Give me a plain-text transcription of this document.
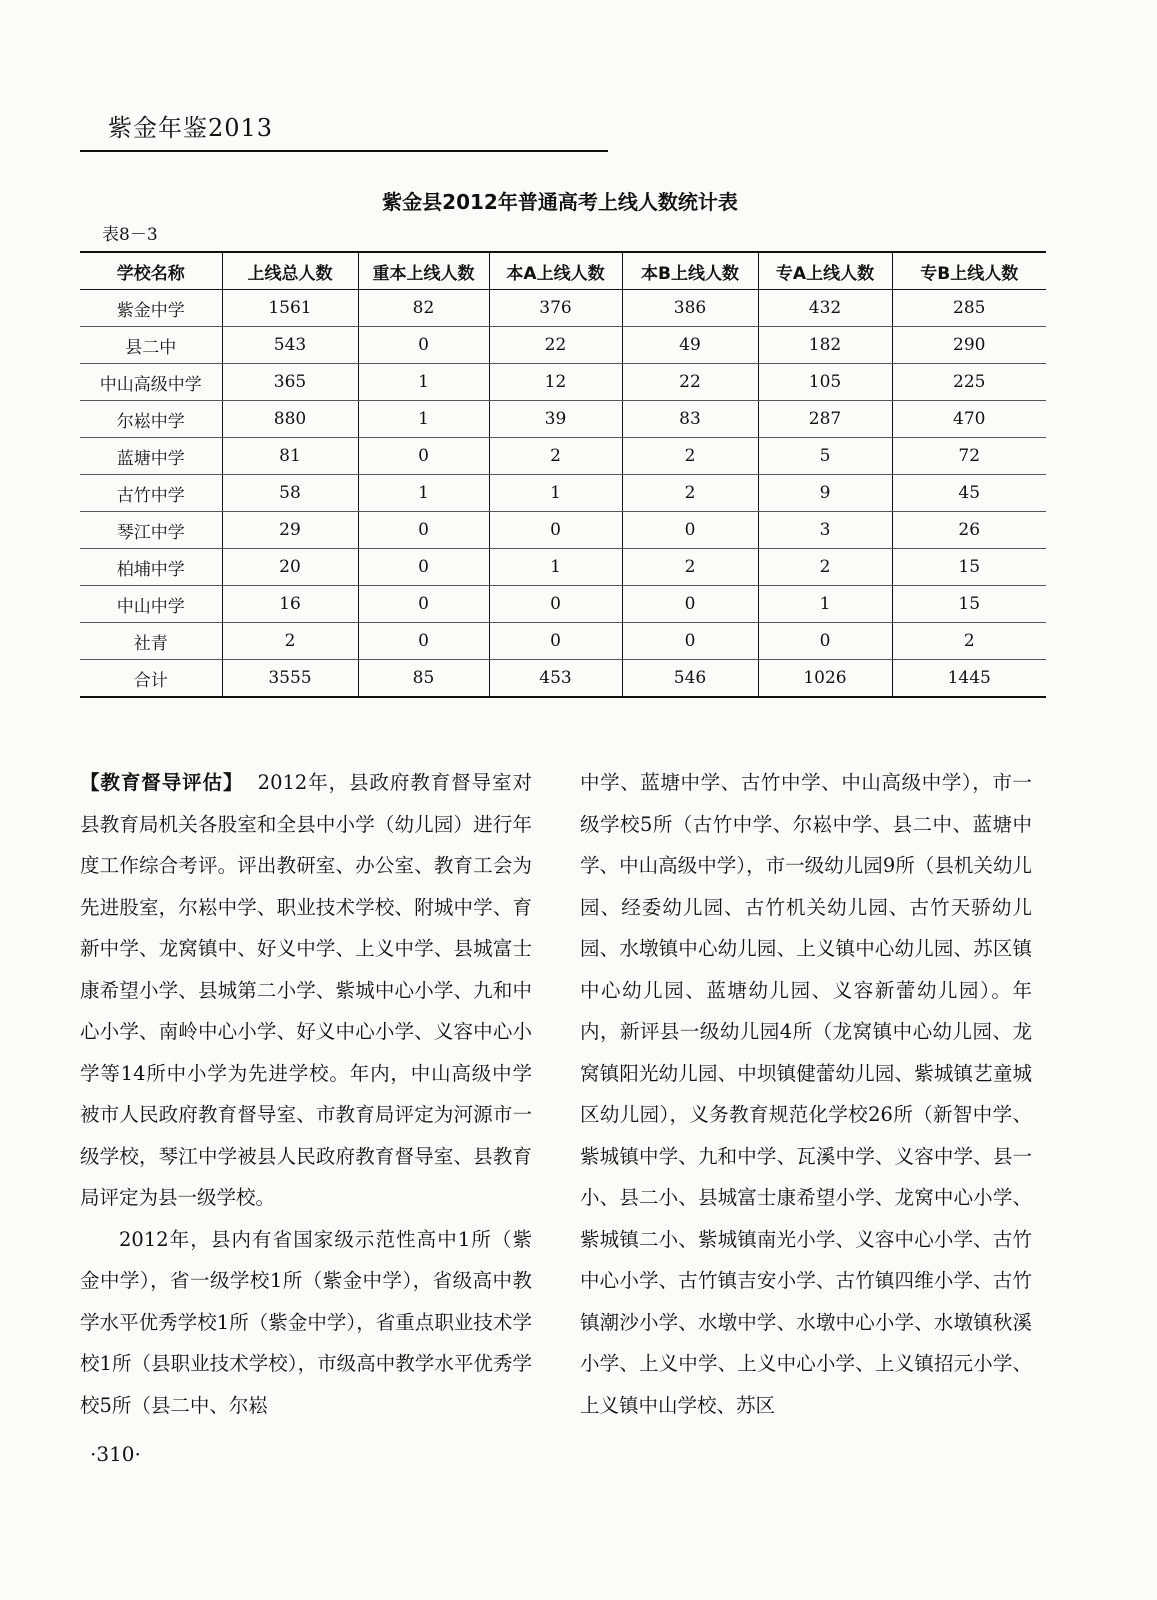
紫金年鉴2013
紫金县2012年普通高考上线人数统计表
表8－3
学校名称	上线总人数	重本上线人数	本A上线人数	本B上线人数	专A上线人数	专B上线人数
紫金中学	1561	82	376	386	432	285
县二中	543	0	22	49	182	290
中山高级中学	365	1	12	22	105	225
尔崧中学	880	1	39	83	287	470
蓝塘中学	81	0	2	2	5	72
古竹中学	58	1	1	2	9	45
琴江中学	29	0	0	0	3	26
柏埔中学	20	0	1	2	2	15
中山中学	16	0	0	0	1	15
社青	2	0	0	0	0	2
合计	3555	85	453	546	1026	1445

【教育督导评估】 2012年，县政府教育督导室对县教育局机关各股室和全县中小学（幼儿园）进行年度工作综合考评。评出教研室、办公室、教育工会为先进股室，尔崧中学、职业技术学校、附城中学、育新中学、龙窝镇中、好义中学、上义中学、县城富士康希望小学、县城第二小学、紫城中心小学、九和中心小学、南岭中心小学、好义中心小学、义容中心小学等14所中小学为先进学校。年内，中山高级中学被市人民政府教育督导室、市教育局评定为河源市一级学校，琴江中学被县人民政府教育督导室、县教育局评定为县一级学校。

2012年，县内有省国家级示范性高中1所（紫金中学），省一级学校1所（紫金中学），省级高中教学水平优秀学校1所（紫金中学），省重点职业技术学校1所（县职业技术学校），市级高中教学水平优秀学校5所（县二中、尔崧

中学、蓝塘中学、古竹中学、中山高级中学），市一级学校5所（古竹中学、尔崧中学、县二中、蓝塘中学、中山高级中学），市一级幼儿园9所（县机关幼儿园、经委幼儿园、古竹机关幼儿园、古竹天骄幼儿园、水墩镇中心幼儿园、上义镇中心幼儿园、苏区镇中心幼儿园、蓝塘幼儿园、义容新蕾幼儿园）。年内，新评县一级幼儿园4所（龙窝镇中心幼儿园、龙窝镇阳光幼儿园、中坝镇健蕾幼儿园、紫城镇艺童城区幼儿园），义务教育规范化学校26所（新智中学、紫城镇中学、九和中学、瓦溪中学、义容中学、县一小、县二小、县城富士康希望小学、龙窝中心小学、紫城镇二小、紫城镇南光小学、义容中心小学、古竹中心小学、古竹镇吉安小学、古竹镇四维小学、古竹镇潮沙小学、水墩中学、水墩中心小学、水墩镇秋溪小学、上义中学、上义中心小学、上义镇招元小学、上义镇中山学校、苏区

·310·
